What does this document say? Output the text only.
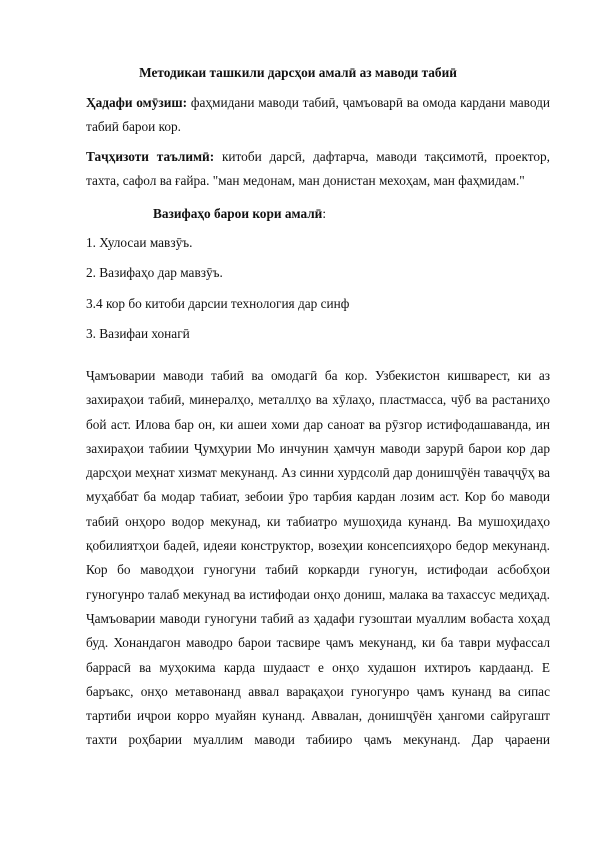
Методикаи ташкили дарсҳои амалӣ аз маводи табиӣ
Ҳадафи омӯзиш: фаҳмидани маводи табиӣ, ҷамъоварӣ ва омода кардани маводи табиӣ барои кор.
Таҷҳизоти таълимӣ: китоби дарсӣ, дафтарча, маводи тақсимотӣ, проектор, тахта, сафол ва ғайра. "ман медонам, ман донистан мехоҳам, ман фаҳмидам."
Вазифаҳо барои кори амалӣ:
1. Хулосаи мавзӯъ.
2. Вазифаҳо дар мавзӯъ.
3.4 кор бо китоби дарсии технология дар синф
3. Вазифаи хонагӣ
Ҷамъоварии маводи табиӣ ва омодагӣ ба кор. Узбекистон кишварест, ки аз захираҳои табиӣ, минералҳо, металлҳо ва хӯлаҳо, пластмасса, чӯб ва растаниҳо бой аст. Илова бар он, ки ашеи хоми дар саноат ва рӯзгор истифодашаванда, ин захираҳои табиии Ҷумҳурии Мо инчунин ҳамчун маводи зарурӣ барои кор дар дарсҳои меҳнат хизмат мекунанд. Аз синни хурдсолӣ дар донишҷӯён таваҷҷӯҳ ва муҳаббат ба модар табиат, зебоии ӯро тарбия кардан лозим аст. Кор бо маводи табиӣ онҳоро водор мекунад, ки табиатро мушоҳида кунанд. Ва мушоҳидаҳо қобилиятҳои бадеӣ, идеяи конструктор, возеҳии консепсияҳоро бедор мекунанд. Кор бо маводҳои гуногуни табиӣ коркарди гуногун, истифодаи асбобҳои гуногунро талаб мекунад ва истифодаи онҳо дониш, малака ва тахассус медиҳад. Ҷамъоварии маводи гуногуни табиӣ аз ҳадафи гузоштаи муаллим вобаста хоҳад буд. Хонандагон маводро барои тасвире ҷамъ мекунанд, ки ба таври муфассал баррасӣ ва муҳокима карда шудааст е онҳо худашон ихтироъ кардаанд. Е баръакс, онҳо метавонанд аввал варақаҳои гуногунро ҷамъ кунанд ва сипас тартиби иҷрои корро муайян кунанд. Аввалан, донишҷӯён ҳангоми сайругашт тахти роҳбарии муаллим маводи табииро ҷамъ мекунанд. Дар ҷараени
